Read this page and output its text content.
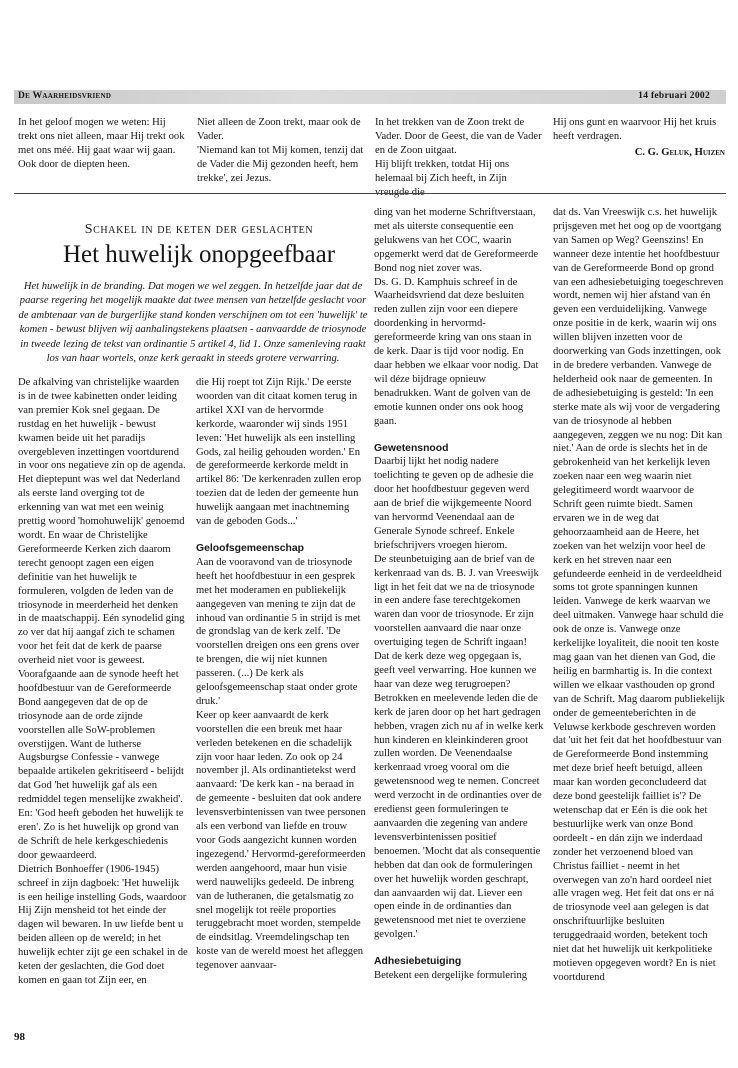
De Waarheidsvriend	14 februari 2002

In het geloof mogen we weten: Hij trekt ons niet alleen, maar Hij trekt ook met ons méé. Hij gaat waar wij gaan.
Ook door de diepten heen.

Niet alleen de Zoon trekt, maar ook de Vader.
'Niemand kan tot Mij komen, tenzij dat de Vader die Mij gezonden heeft, hem trekke', zei Jezus.

In het trekken van de Zoon trekt de Vader. Door de Geest, die van de Vader en de Zoon uitgaat.
Hij blijft trekken, totdat Hij ons helemaal bij Zich heeft, in Zijn

Hij ons gunt en waarvoor Hij het kruis heeft verdragen.

C. G. Geluk, Huizen

Schakel in de keten der geslachten
Het huwelijk onopgeefbaar
Het huwelijk in de branding. Dat mogen we wel zeggen. In hetzelfde jaar dat de paarse regering het mogelijk maakte dat twee mensen van hetzelfde geslacht voor de ambtenaar van de burgerlijke stand konden verschijnen om tot een 'huwelijk' te komen - bewust blijven wij aanhalingstekens plaatsen - aanvaardde de triosynode in tweede lezing de tekst van ordinantie 5 artikel 4, lid 1. Onze samenleving raakt los van haar wortels, onze kerk geraakt in steeds grotere verwarring.

De afkalving van christelijke waarden is in de twee kabinetten onder leiding van premier Kok snel gegaan. De rustdag en het huwelijk - bewust kwamen beide uit het paradijs overgebleven inzettingen voortdurend in voor ons negatieve zin op de agenda. Het dieptepunt was wel dat Nederland als eerste land overging tot de erkenning van wat met een weinig prettig woord 'homohuwelijk' genoemd wordt. En waar de Christelijke Gereformeerde Kerken zich daarom terecht genoopt zagen een eigen definitie van het huwelijk te formuleren, volgden de leden van de triosynode in meerderheid het denken in de maatschappij. Eén synodelid ging zo ver dat hij aangaf zich te schamen voor het feit dat de kerk de paarse overheid niet voor is geweest.
Voorafgaande aan de synode heeft het hoofdbestuur van de Gereformeerde Bond aangegeven dat de op de triosynode aan de orde zijnde voorstellen alle SoW-problemen overstijgen. Want de lutherse Augsburgse Confessie - vanwege bepaalde artikelen gekritiseerd - belijdt dat God 'het huwelijk gaf als een redmiddel tegen menselijke zwakheid'. En: 'God heeft geboden het huwelijk te eren'. Zo is het huwelijk op grond van de Schrift de hele kerkgeschiedenis door gewaardeerd.
Dietrich Bonhoeffer (1906-1945) schreef in zijn dagboek: 'Het huwelijk is een heilige instelling Gods, waardoor Hij Zijn mensheid tot het einde der dagen wil bewaren. In uw liefde bent u beiden alleen op de wereld; in het huwelijk echter zijt ge een schakel in de keten der geslachten, die God doet komen en gaan tot Zijn eer, en

die Hij roept tot Zijn Rijk.' De eerste woorden van dit citaat komen terug in artikel XXI van de hervormde kerkorde, waaronder wij sinds 1951 leven: 'Het huwelijk als een instelling Gods, zal heilig gehouden worden.' En de gereformeerde kerkorde meldt in artikel 86: 'De kerkenraden zullen erop toezien dat de leden der gemeente hun huwelijk aangaan met inachtneming van de geboden Gods...'

Geloofsgemeenschap

Aan de vooravond van de triosynode heeft het hoofdbestuur in een gesprek met het moderamen en publiekelijk aangegeven van mening te zijn dat de inhoud van ordinantie 5 in strijd is met de grondslag van de kerk zelf. 'De voorstellen dreigen ons een grens over te brengen, die wij niet kunnen passeren. (...) De kerk als geloofsgemeenschap staat onder grote druk.'
Keer op keer aanvaardt de kerk voorstellen die een breuk met haar verleden betekenen en die schadelijk zijn voor haar leden. Zo ook op 24 november jl. Als ordinantietekst werd aanvaard: 'De kerk kan - na beraad in de gemeente - besluiten dat ook andere levensverbintenissen van twee personen als een verbond van liefde en trouw voor Gods aangezicht kunnen worden ingezegend.' Hervormd-gereformeerden werden aangehoord, maar hun visie werd nauwelijks gedeeld. De inbreng van de lutheranen, die getalsmatig zo snel mogelijk tot reële proporties teruggebracht moet worden, stempelde de eindsitlag. Vreemdelingschap ten koste van de wereld moest het afleggen tegenover aanvaar-

ding van het moderne Schriftverstaan, met als uiterste consequentie een gelukwens van het COC, waarin opgemerkt werd dat de Gereformeerde Bond nog niet zover was.
Ds. G. D. Kamphuis schreef in de Waarheidsvriend dat deze besluiten reden zullen zijn voor een diepere doordenking in hervormd-gereformeerde kring van ons staan in de kerk. Daar is tijd voor nodig. En daar hebben we elkaar voor nodig. Dat wil déze bijdrage opnieuw benadrukken. Want de golven van de emotie kunnen onder ons ook hoog gaan.

Gewetensnood

Daarbij lijkt het nodig nadere toelichting te geven op de adhesie die door het hoofdbestuur gegeven werd aan de brief die wijkgemeente Noord van hervormd Veenendaal aan de Generale Synode schreef. Enkele briefschrijvers vroegen hierom.
De steunbetuiging aan de brief van de kerkenraad van ds. B. J. van Vreeswijk ligt in het feit dat we na de triosynode in een andere fase terechtgekomen waren dan voor de triosynode. Er zijn voorstellen aanvaard die naar onze overtuiging tegen de Schrift ingaan! Dat de kerk deze weg opgegaan is, geeft veel verwarring. Hoe kunnen we haar van deze weg terugroepen? Betrokken en meelevende leden die de kerk de jaren door op het hart gedragen hebben, vragen zich nu af in welke kerk hun kinderen en kleinkinderen groot zullen worden. De Veenendaalse kerkenraad vroeg vooral om die gewetensnood weg te nemen. Concreet werd verzocht in de ordinanties over de eredienst geen formuleringen te aanvaarden die zegening van andere levensverbintenissen positief benoemen. 'Mocht dat als consequentie hebben dat dan ook de formuleringen over het huwelijk worden geschrapt, dan aanvaarden wij dat. Liever een open einde in de ordinanties dan gewetensnood met niet te overziene gevolgen.'

Adhesiebetuiging

Betekent een dergelijke formulering

dat ds. Van Vreeswijk c.s. het huwelijk prijsgeven met het oog op de voortgang van Samen op Weg? Geenszins! En wanneer deze intentie het hoofdbestuur van de Gereformeerde Bond op grond van een adhesiebetuiging toegeschreven wordt, nemen wij hier afstand van én geven een verduidelijking. Vanwege onze positie in de kerk, waarin wij ons willen blijven inzetten voor de doorwerking van Gods inzettingen, ook in de bredere verbanden. Vanwege de helderheid ook naar de gemeenten. In de adhesiebetuiging is gesteld: 'In een sterke mate als wij voor de vergadering van de triosynode al hebben aangegeven, zeggen we nu nog: Dit kan niet.' Aan de orde is slechts het in de gebrokenheid van het kerkelijk leven zoeken naar een weg waarin niet gelegitimeerd wordt waarvoor de Schrift geen ruimte biedt. Samen ervaren we in de weg dat gehoorzaamheid aan de Heere, het zoeken van het welzijn voor heel de kerk en het streven naar een gefundeerde eenheid in de verdeeldheid soms tot grote spanningen kunnen leiden. Vanwege de kerk waarvan we deel uitmaken. Vanwege haar schuld die ook de onze is. Vanwege onze kerkelijke loyaliteit, die nooit ten koste mag gaan van het dienen van God, die heilig en barmhartig is. In die context willen we elkaar vasthouden op grond van de Schrift. Mag daarom publiekelijk onder de gemeenteberichten in de Veluwse kerkbode geschreven worden dat 'uit het feit dat het hoofdbestuur van de Gereformeerde Bond instemming met deze brief heeft betuigd, alleen maar kan worden geconcludeerd dat deze bond geestelijk failliet is'? De wetenschap dat er Eén is die ook het bestuurlijke werk van onze Bond oordeelt - en dán zijn we inderdaad zonder het verzoenend bloed van Christus failliet - neemt in het overwegen van zo'n hard oordeel niet alle vragen weg. Het feit dat ons er ná de triosynode veel aan gelegen is dat onschriftuurlijke besluiten teruggedraaid worden, betekent toch niet dat het huwelijk uit kerkpolitieke motieven opgegeven wordt? En is niet voortdurend

98
